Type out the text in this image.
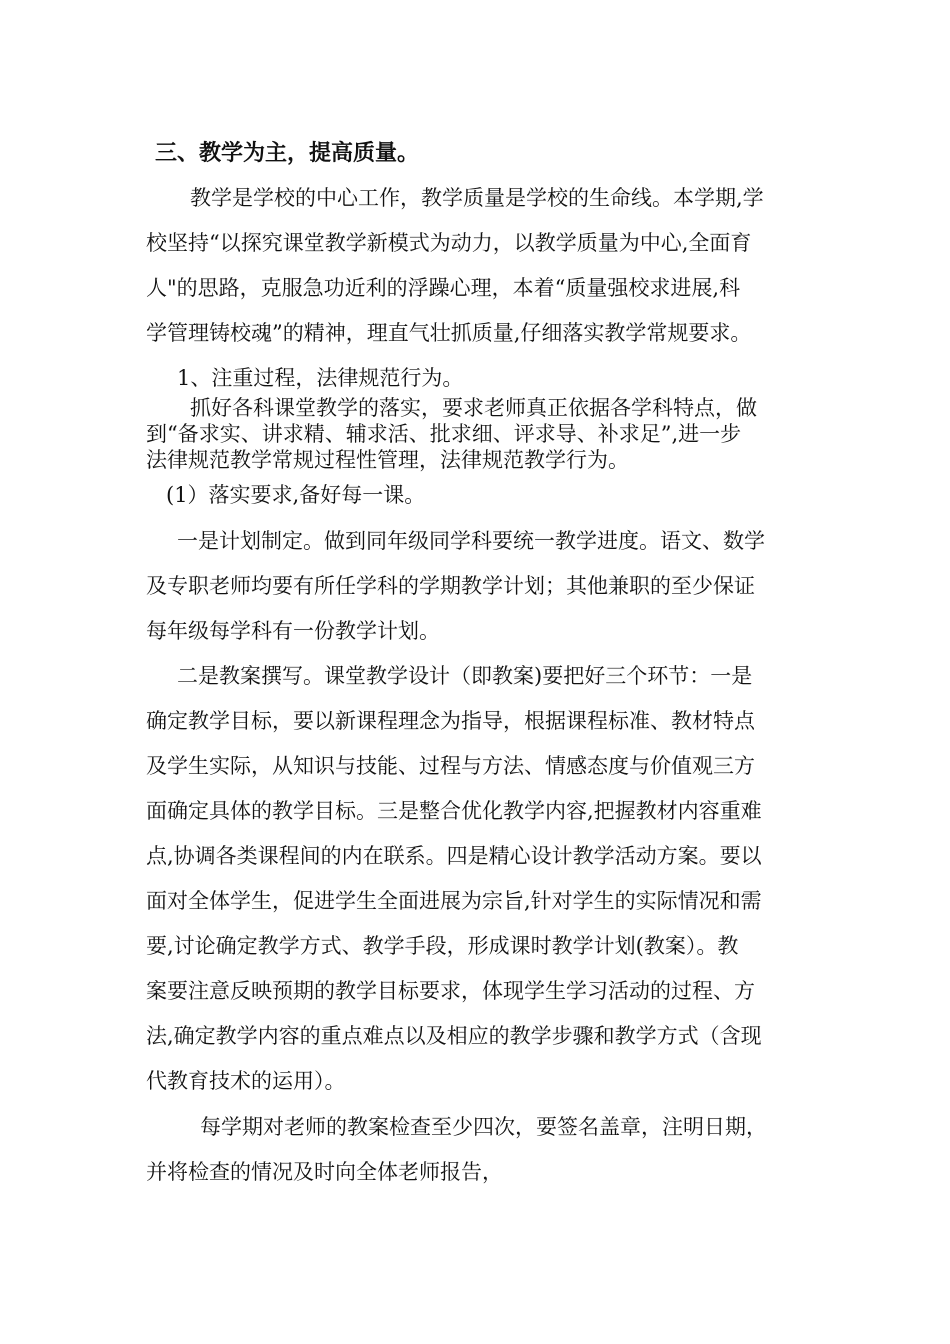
三、教学为主，提高质量。
教学是学校的中心工作，教学质量是学校的生命线。本学期,学
校坚持“以探究课堂教学新模式为动力，以教学质量为中心,全面育
人"的思路，克服急功近利的浮躁心理，本着“质量强校求进展,科
学管理铸校魂”的精神，理直气壮抓质量,仔细落实教学常规要求。
1、注重过程，法律规范行为。
抓好各科课堂教学的落实，要求老师真正依据各学科特点，做
到“备求实、讲求精、辅求活、批求细、评求导、补求足”,进一步
法律规范教学常规过程性管理，法律规范教学行为。
(1）落实要求,备好每一课。
一是计划制定。做到同年级同学科要统一教学进度。语文、数学
及专职老师均要有所任学科的学期教学计划；其他兼职的至少保证
每年级每学科有一份教学计划。
二是教案撰写。课堂教学设计（即教案)要把好三个环节：一是
确定教学目标，要以新课程理念为指导，根据课程标准、教材特点
及学生实际，从知识与技能、过程与方法、情感态度与价值观三方
面确定具体的教学目标。三是整合优化教学内容,把握教材内容重难
点,协调各类课程间的内在联系。四是精心设计教学活动方案。要以
面对全体学生，促进学生全面进展为宗旨,针对学生的实际情况和需
要,讨论确定教学方式、教学手段，形成课时教学计划(教案）。教
案要注意反映预期的教学目标要求，体现学生学习活动的过程、方
法,确定教学内容的重点难点以及相应的教学步骤和教学方式（含现
代教育技术的运用）。
每学期对老师的教案检查至少四次，要签名盖章，注明日期，
并将检查的情况及时向全体老师报告，
